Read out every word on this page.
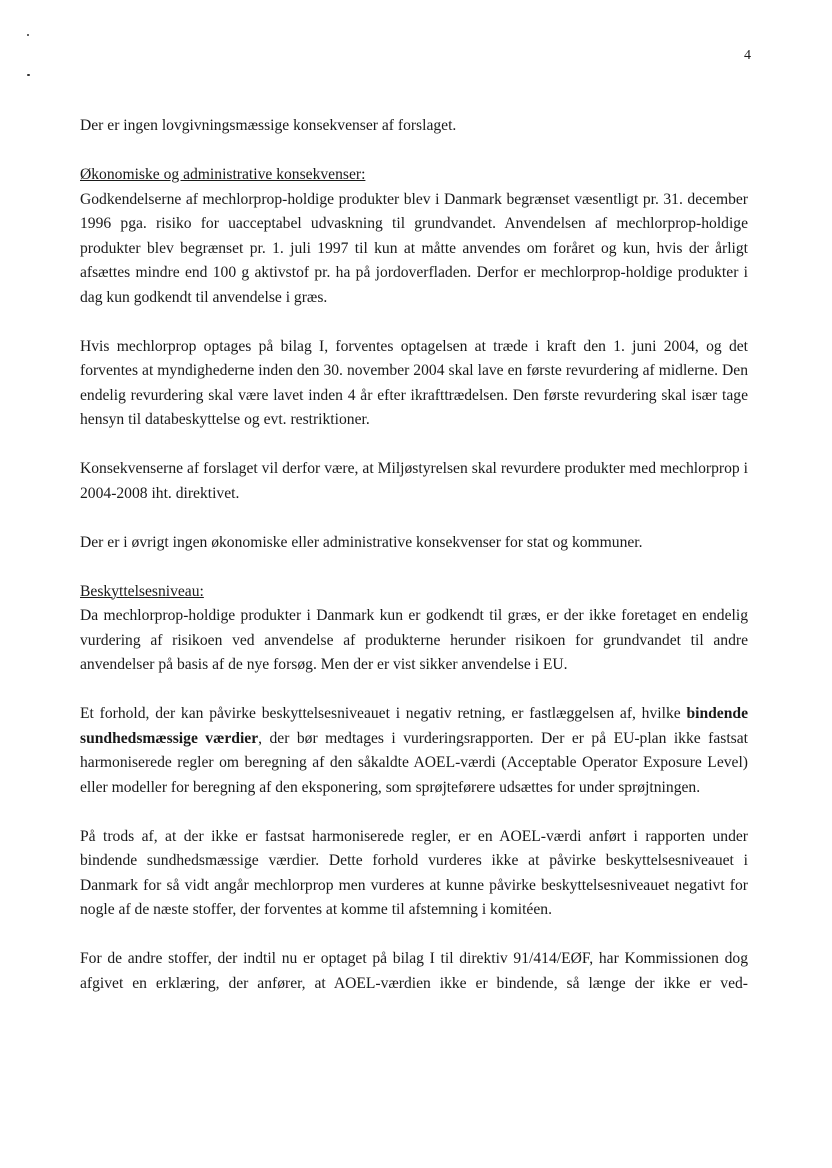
4

Der er ingen lovgivningsmæssige konsekvenser af forslaget.

Økonomiske og administrative konsekvenser:
Godkendelserne af mechlorprop-holdige produkter blev i Danmark begrænset væsentligt pr. 31. december 1996 pga. risiko for uacceptabel udvaskning til grundvandet. Anvendelsen af mechlorprop-holdige produkter blev begrænset pr. 1. juli 1997 til kun at måtte anvendes om foråret og kun, hvis der årligt afsættes mindre end 100 g aktivstof pr. ha på jordoverfladen. Derfor er mechlorprop-holdige produkter i dag kun godkendt til anvendelse i græs.

Hvis mechlorprop optages på bilag I, forventes optagelsen at træde i kraft den 1. juni 2004, og det forventes at myndighederne inden den 30. november 2004 skal lave en første revurdering af midlerne. Den endelig revurdering skal være lavet inden 4 år efter ikrafttrædelsen. Den første revurdering skal især tage hensyn til databeskyttelse og evt. restriktioner.

Konsekvenserne af forslaget vil derfor være, at Miljøstyrelsen skal revurdere produkter med mechlorprop i 2004-2008 iht. direktivet.

Der er i øvrigt ingen økonomiske eller administrative konsekvenser for stat og kommuner.

Beskyttelsesniveau:
Da mechlorprop-holdige produkter i Danmark kun er godkendt til græs, er der ikke foretaget en endelig vurdering af risikoen ved anvendelse af produkterne herunder risikoen for grundvandet til andre anvendelser på basis af de nye forsøg. Men der er vist sikker anvendelse i EU.

Et forhold, der kan påvirke beskyttelsesniveauet i negativ retning, er fastlæggelsen af, hvilke bindende sundhedsmæssige værdier, der bør medtages i vurderingsrapporten. Der er på EU-plan ikke fastsat harmoniserede regler om beregning af den såkaldte AOEL-værdi (Acceptable Operator Exposure Level) eller modeller for beregning af den eksponering, som sprøjteførere udsættes for under sprøjtningen.

På trods af, at der ikke er fastsat harmoniserede regler, er en AOEL-værdi anført i rapporten under bindende sundhedsmæssige værdier. Dette forhold vurderes ikke at påvirke beskyttelsesniveauet i Danmark for så vidt angår mechlorprop men vurderes at kunne påvirke beskyttelsesniveauet negativt for nogle af de næste stoffer, der forventes at komme til afstemning i komitéen.

For de andre stoffer, der indtil nu er optaget på bilag I til direktiv 91/414/EØF, har Kommissionen dog afgivet en erklæring, der anfører, at AOEL-værdien ikke er bindende, så længe der ikke er ved-
